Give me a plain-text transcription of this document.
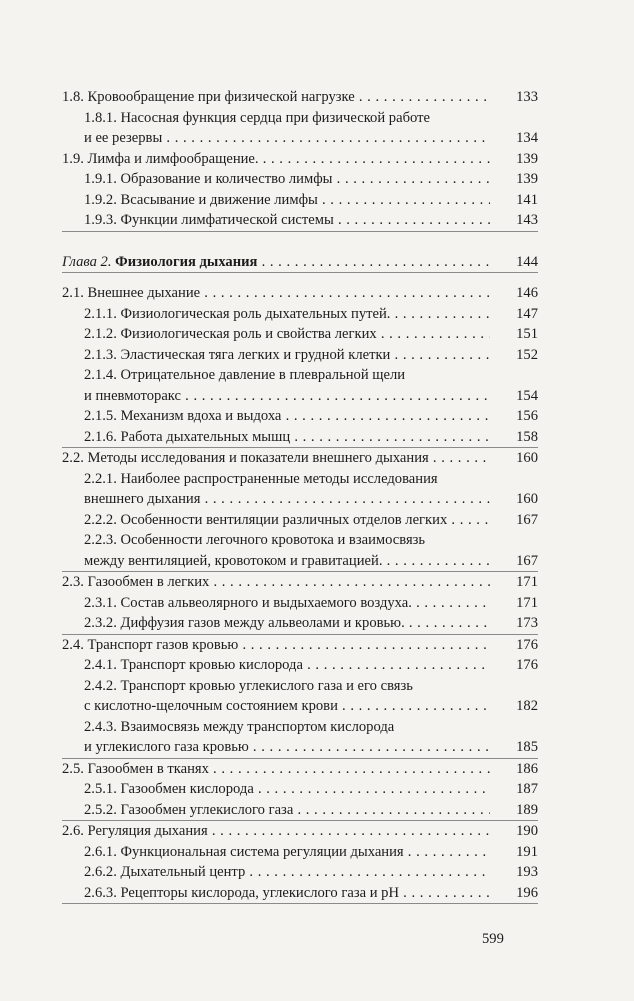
1.8. Кровообращение при физической нагрузке . . .	133
1.8.1. Насосная функция сердца при физической работе
и ее резервы . . .	134
1.9. Лимфа и лимфообращение. . . .	139
1.9.1. Образование и количество лимфы . . .	139
1.9.2. Всасывание и движение лимфы . . .	141
1.9.3. Функции лимфатической системы . . .	143
Глава 2. Физиология дыхания . . .	144
2.1. Внешнее дыхание . . .	146
2.1.1. Физиологическая роль дыхательных путей. . . .	147
2.1.2. Физиологическая роль и свойства легких . . .	151
2.1.3. Эластическая тяга легких и грудной клетки . . .	152
2.1.4. Отрицательное давление в плевральной щели
и пневмоторакс . . .	154
2.1.5. Механизм вдоха и выдоха . . .	156
2.1.6. Работа дыхательных мышц . . .	158
2.2. Методы исследования и показатели внешнего дыхания . . .	160
2.2.1. Наиболее распространенные методы исследования
внешнего дыхания . . .	160
2.2.2. Особенности вентиляции различных отделов легких . . .	167
2.2.3. Особенности легочного кровотока и взаимосвязь
между вентиляцией, кровотоком и гравитацией. . . .	167
2.3. Газообмен в легких . . .	171
2.3.1. Состав альвеолярного и выдыхаемого воздуха. . . .	171
2.3.2. Диффузия газов между альвеолами и кровью. . . .	173
2.4. Транспорт газов кровью . . .	176
2.4.1. Транспорт кровью кислорода . . .	176
2.4.2. Транспорт кровью углекислого газа и его связь
с кислотно-щелочным состоянием крови . . .	182
2.4.3. Взаимосвязь между транспортом кислорода
и углекислого газа кровью . . .	185
2.5. Газообмен в тканях . . .	186
2.5.1. Газообмен кислорода . . .	187
2.5.2. Газообмен углекислого газа . . .	189
2.6. Регуляция дыхания . . .	190
2.6.1. Функциональная система регуляции дыхания . . .	191
2.6.2. Дыхательный центр . . .	193
2.6.3. Рецепторы кислорода, углекислого газа и рН . . .	196
599
